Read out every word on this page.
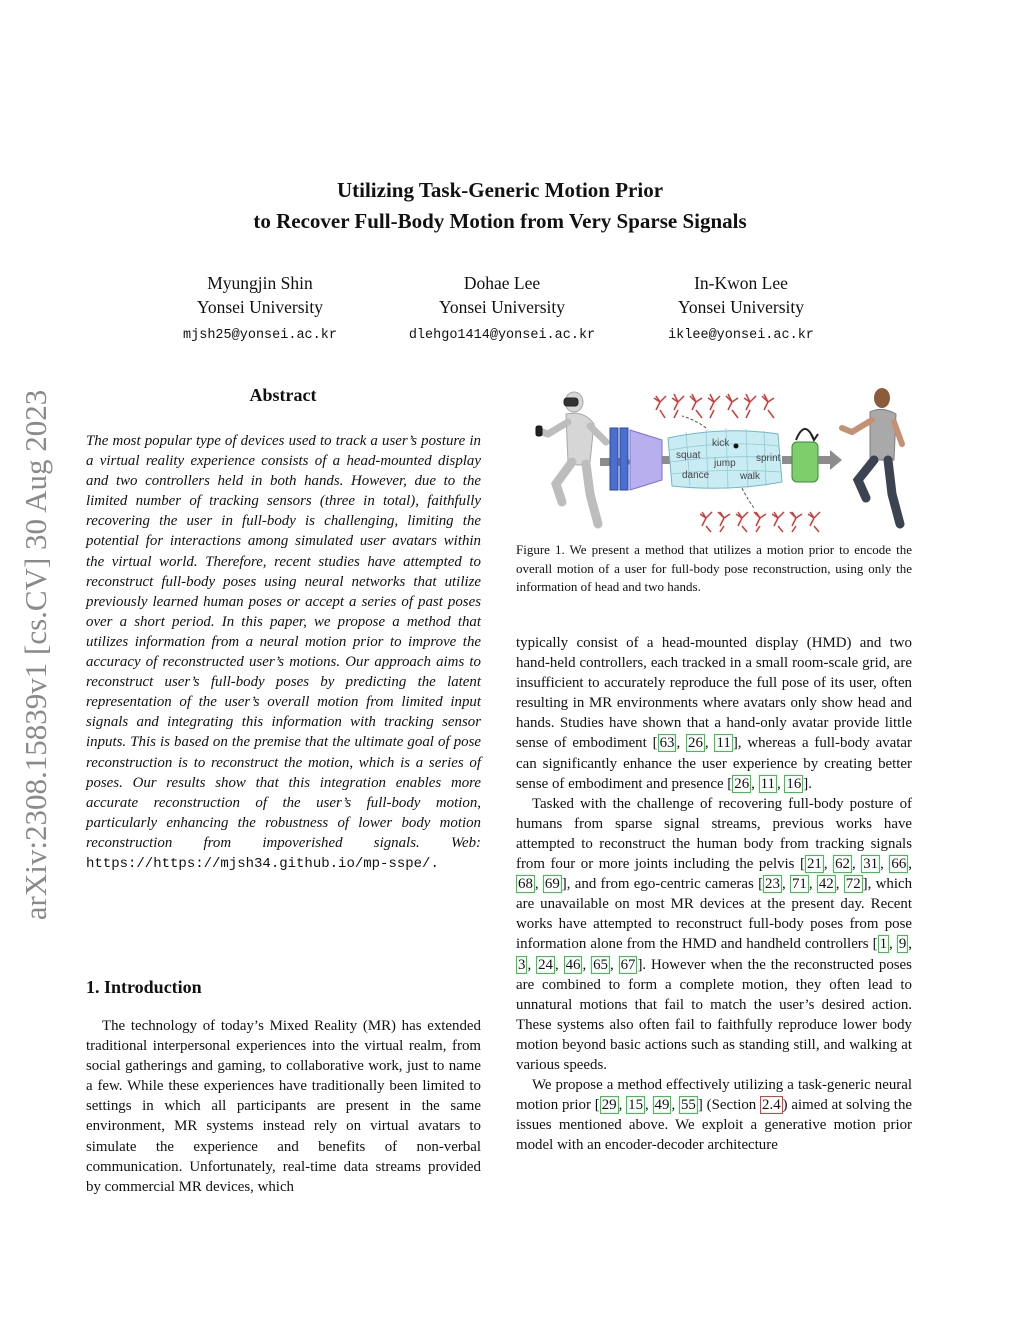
arXiv:2308.15839v1 [cs.CV] 30 Aug 2023
Utilizing Task-Generic Motion Prior
to Recover Full-Body Motion from Very Sparse Signals
Myungjin Shin
Yonsei University
mjsh25@yonsei.ac.kr
Dohae Lee
Yonsei University
dlehgo1414@yonsei.ac.kr
In-Kwon Lee
Yonsei University
iklee@yonsei.ac.kr
Abstract
The most popular type of devices used to track a user’s posture in a virtual reality experience consists of a head-mounted display and two controllers held in both hands. However, due to the limited number of tracking sensors (three in total), faithfully recovering the user in full-body is challenging, limiting the potential for interactions among simulated user avatars within the virtual world. Therefore, recent studies have attempted to reconstruct full-body poses using neural networks that utilize previously learned human poses or accept a series of past poses over a short period. In this paper, we propose a method that utilizes information from a neural motion prior to improve the accuracy of reconstructed user’s motions. Our approach aims to reconstruct user’s full-body poses by predicting the latent representation of the user’s overall motion from limited input signals and integrating this information with tracking sensor inputs. This is based on the premise that the ultimate goal of pose reconstruction is to reconstruct the motion, which is a series of poses. Our results show that this integration enables more accurate reconstruction of the user’s full-body motion, particularly enhancing the robustness of lower body motion reconstruction from impoverished signals. Web: https://https://mjsh34.github.io/mp-sspe/.
1. Introduction
The technology of today’s Mixed Reality (MR) has extended traditional interpersonal experiences into the virtual realm, from social gatherings and gaming, to collaborative work, just to name a few. While these experiences have traditionally been limited to settings in which all participants are present in the same environment, MR systems instead rely on virtual avatars to simulate the experience and benefits of non-verbal communication. Unfortunately, real-time data streams provided by commercial MR devices, which
kick
squat
jump sprint
dance	walk
Figure 1. We present a method that utilizes a motion prior to encode the overall motion of a user for full-body pose reconstruction, using only the information of head and two hands.

typically consist of a head-mounted display (HMD) and two hand-held controllers, each tracked in a small room-scale grid, are insufficient to accurately reproduce the full pose of its user, often resulting in MR environments where avatars only show head and hands. Studies have shown that a hand-only avatar provide little sense of embodiment [ 63 , 26 , 11 ], whereas a full-body avatar can significantly enhance the user experience by creating better sense of embodiment and presence [ 26 , 11 , 16 ].

Tasked with the challenge of recovering full-body posture of humans from sparse signal streams, previous works have attempted to reconstruct the human body from tracking signals from four or more joints including the pelvis [ 21 , 62 , 31 , 66 , 68 , 69 ], and from ego-centric cameras [ 23 , 71 , 42 , 72 ], which are unavailable on most MR devices at the present day. Recent works have attempted to reconstruct full-body poses from pose information alone from the HMD and handheld controllers [ 1 , 9 , 3 , 24 , 46 , 65 , 67 ]. However when the the reconstructed poses are combined to form a complete motion, they often lead to unnatural motions that fail to match the user’s desired action. These systems also often fail to faithfully reproduce lower body motion beyond basic actions such as standing still, and walking at various speeds.

We propose a method effectively utilizing a task-generic neural motion prior [ 29 , 15 , 49 , 55 ] (Section 2.4 ) aimed at solving the issues mentioned above. We exploit a generative motion prior model with an encoder-decoder architecture
